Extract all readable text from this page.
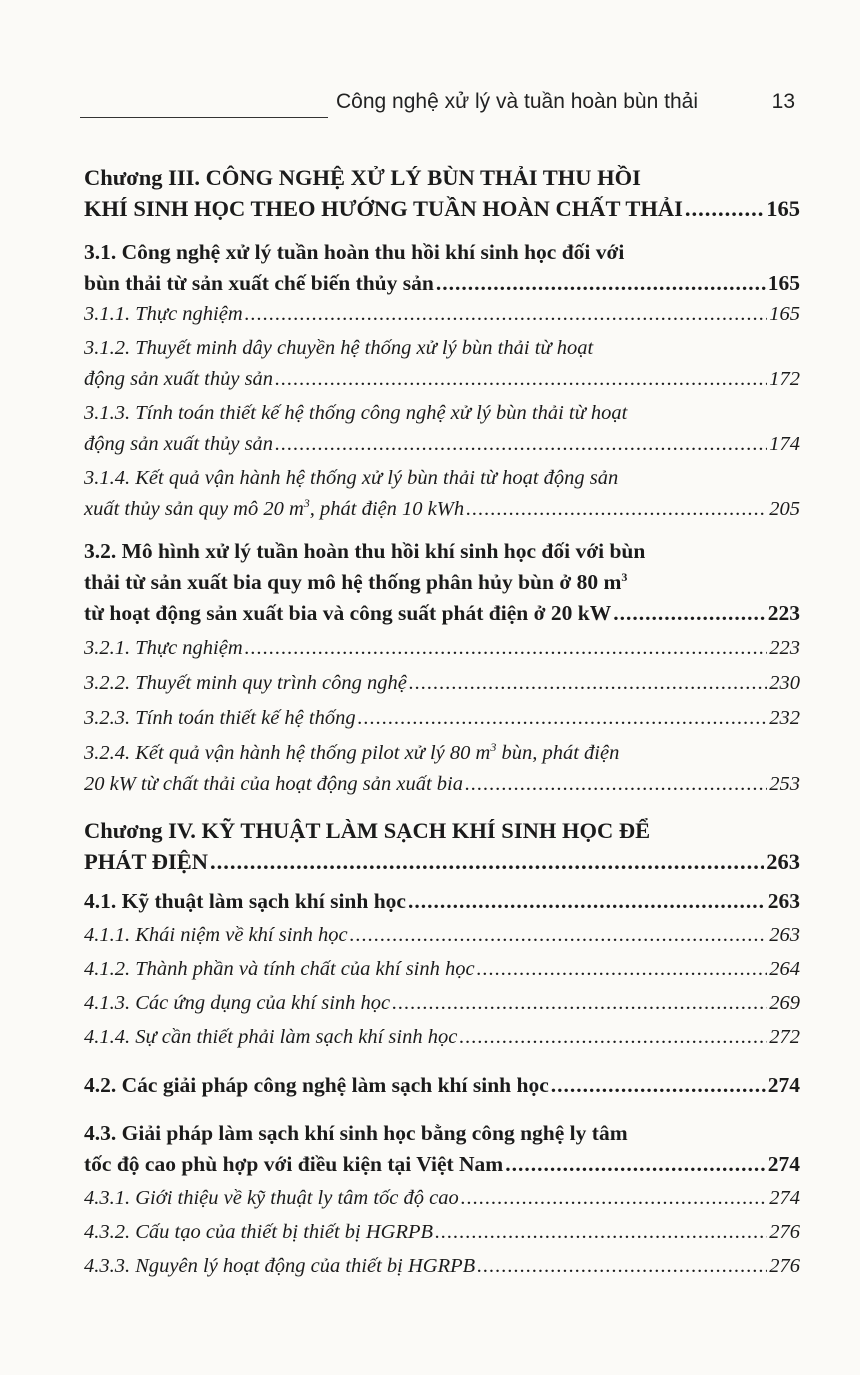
Công nghệ xử lý và tuần hoàn bùn thải	13
Chương III. CÔNG NGHỆ XỬ LÝ BÙN THẢI THU HỒI
KHÍ SINH HỌC THEO HƯỚNG TUẦN HOÀN CHẤT THẢI .....	165
3.1. Công nghệ xử lý tuần hoàn thu hồi khí sinh học đối với
bùn thải từ sản xuất chế biến thủy sản .....	165
3.1.1. Thực nghiệm .....	165
3.1.2. Thuyết minh dây chuyền hệ thống xử lý bùn thải từ hoạt
động sản xuất thủy sản .....	172
3.1.3. Tính toán thiết kế hệ thống công nghệ xử lý bùn thải từ hoạt
động sản xuất thủy sản .....	174
3.1.4. Kết quả vận hành hệ thống xử lý bùn thải từ hoạt động sản
xuất thủy sản quy mô 20 $m^3$, phát điện 10 kWh .....	205
3.2. Mô hình xử lý tuần hoàn thu hồi khí sinh học đối với bùn
thải từ sản xuất bia quy mô hệ thống phân hủy bùn ở 80 $m^3$
từ hoạt động sản xuất bia và công suất phát điện ở 20 kW .....	223
3.2.1. Thực nghiệm .....	223
3.2.2. Thuyết minh quy trình công nghệ .....	230
3.2.3. Tính toán thiết kế hệ thống .....	232
3.2.4. Kết quả vận hành hệ thống pilot xử lý 80 $m^3$ bùn, phát điện
20 kW từ chất thải của hoạt động sản xuất bia .....	253
Chương IV. KỸ THUẬT LÀM SẠCH KHÍ SINH HỌC ĐỂ
PHÁT ĐIỆN .....	263
4.1. Kỹ thuật làm sạch khí sinh học .....	263
4.1.1. Khái niệm về khí sinh học .....	263
4.1.2. Thành phần và tính chất của khí sinh học .....	264
4.1.3. Các ứng dụng của khí sinh học .....	269
4.1.4. Sự cần thiết phải làm sạch khí sinh học .....	272
4.2. Các giải pháp công nghệ làm sạch khí sinh học .....	274
4.3. Giải pháp làm sạch khí sinh học bằng công nghệ ly tâm
tốc độ cao phù hợp với điều kiện tại Việt Nam .....	274
4.3.1. Giới thiệu về kỹ thuật ly tâm tốc độ cao .....	274
4.3.2. Cấu tạo của thiết bị thiết bị HGRPB .....	276
4.3.3. Nguyên lý hoạt động của thiết bị HGRPB .....	276
